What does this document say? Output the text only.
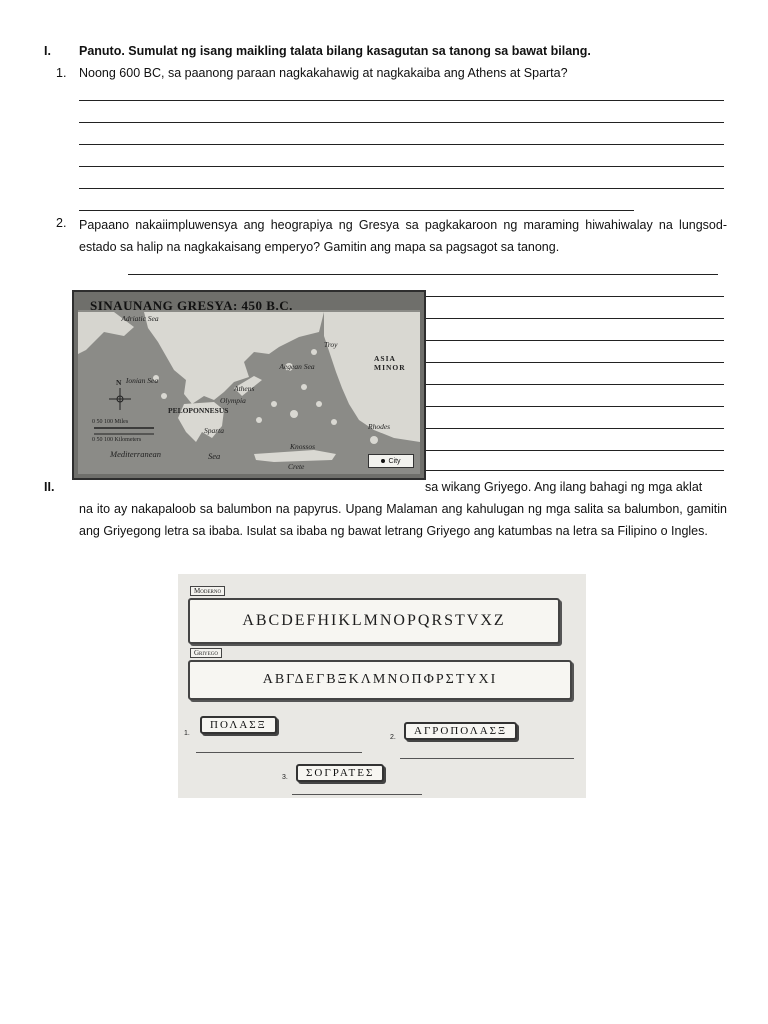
I. Panuto. Sumulat ng isang maikling talata bilang kasagutan sa tanong sa bawat bilang.
1. Noong 600 BC, sa paanong paraan nagkakahawig at nagkakaiba ang Athens at Sparta?
2. Papaano nakaiimpluwensya ang heograpiya ng Gresya sa pagkakaroon ng maraming hiwahiwalay na lungsod-estado sa halip na nagkakaisang emperyo? Gamitin ang mapa sa pagsagot sa tanong.
SINAUNANG GRESYA: 450 B.C.
Adriatic Sea
Ionian Sea
Aegean Sea
ASIA MINOR
PELOPONNESUS
Mediterranean	Sea
Troy
Athens
Sparta
Olympia
Rhodes
Crete
Knossos
N
0 50 100 Miles
0 50 100 Kilometers
City
II.	sa wikang Griyego. Ang ilang bahagi ng mga aklat
na ito ay nakapaloob sa balumbon na papyrus. Upang Malaman ang kahulugan ng mga salita sa balumbon, gamitin ang Griyegong letra sa ibaba. Isulat sa ibaba ng bawat letrang Griyego ang katumbas na letra sa Filipino o Ingles.
Moderno
ABCDEFHIKLMNOPQRSTVXZ
Griyego
ΑΒΓΔΕΓΒΞΚΛΜΝΟΠΦΡΣΤΥΧΙ
1.
ΠΟΛΑΣΞ
2.
ΑΓΡΟΠΟΛΑΣΞ
3.	ΣΟΓΡΑΤΕΣ
